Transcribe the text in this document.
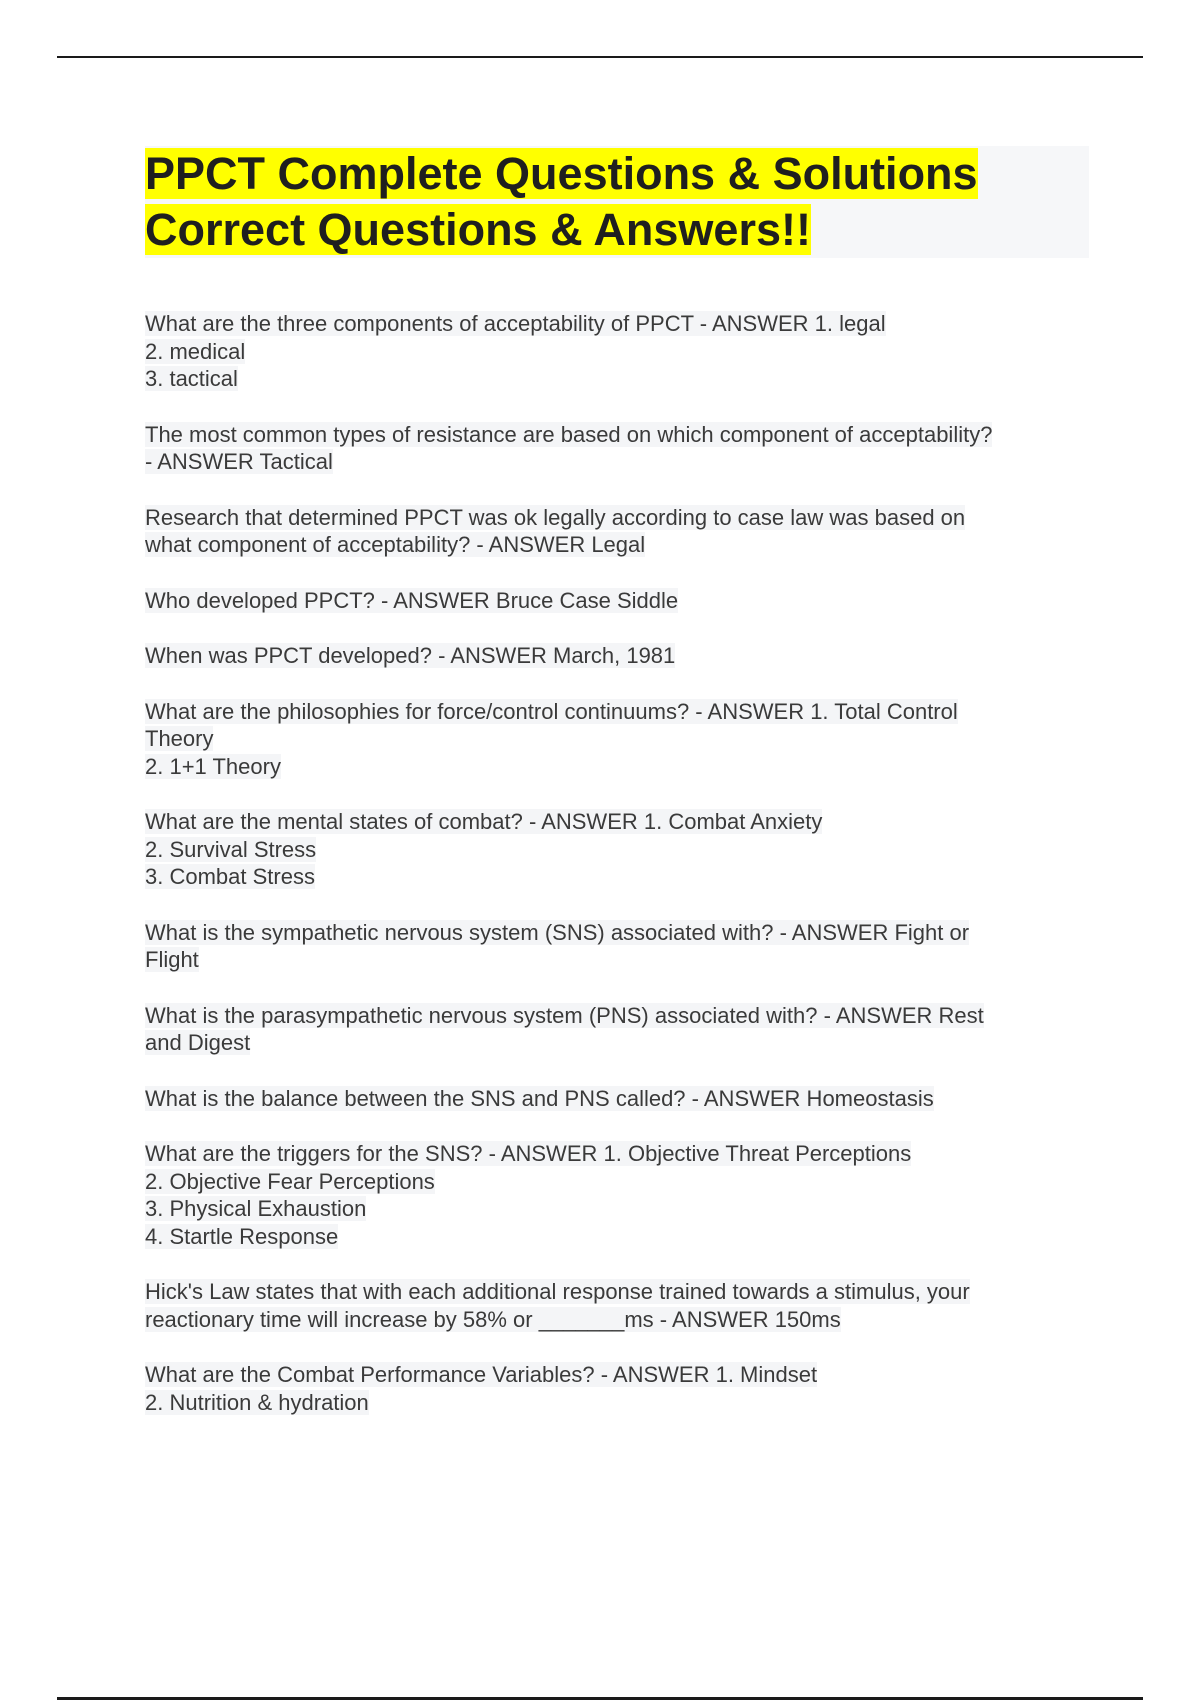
PPCT Complete Questions & Solutions
Correct Questions & Answers!!
What are the three components of acceptability of PPCT - ANSWER 1. legal
2. medical
3. tactical
The most common types of resistance are based on which component of acceptability?
- ANSWER Tactical
Research that determined PPCT was ok legally according to case law was based on
what component of acceptability? - ANSWER Legal
Who developed PPCT? - ANSWER Bruce Case Siddle
When was PPCT developed? - ANSWER March, 1981
What are the philosophies for force/control continuums? - ANSWER 1. Total Control
Theory
2. 1+1 Theory
What are the mental states of combat? - ANSWER 1. Combat Anxiety
2. Survival Stress
3. Combat Stress
What is the sympathetic nervous system (SNS) associated with? - ANSWER Fight or
Flight
What is the parasympathetic nervous system (PNS) associated with? - ANSWER Rest
and Digest
What is the balance between the SNS and PNS called? - ANSWER Homeostasis
What are the triggers for the SNS? - ANSWER 1. Objective Threat Perceptions
2. Objective Fear Perceptions
3. Physical Exhaustion
4. Startle Response
Hick's Law states that with each additional response trained towards a stimulus, your
reactionary time will increase by 58% or _______ms - ANSWER 150ms
What are the Combat Performance Variables? - ANSWER 1. Mindset
2. Nutrition & hydration
